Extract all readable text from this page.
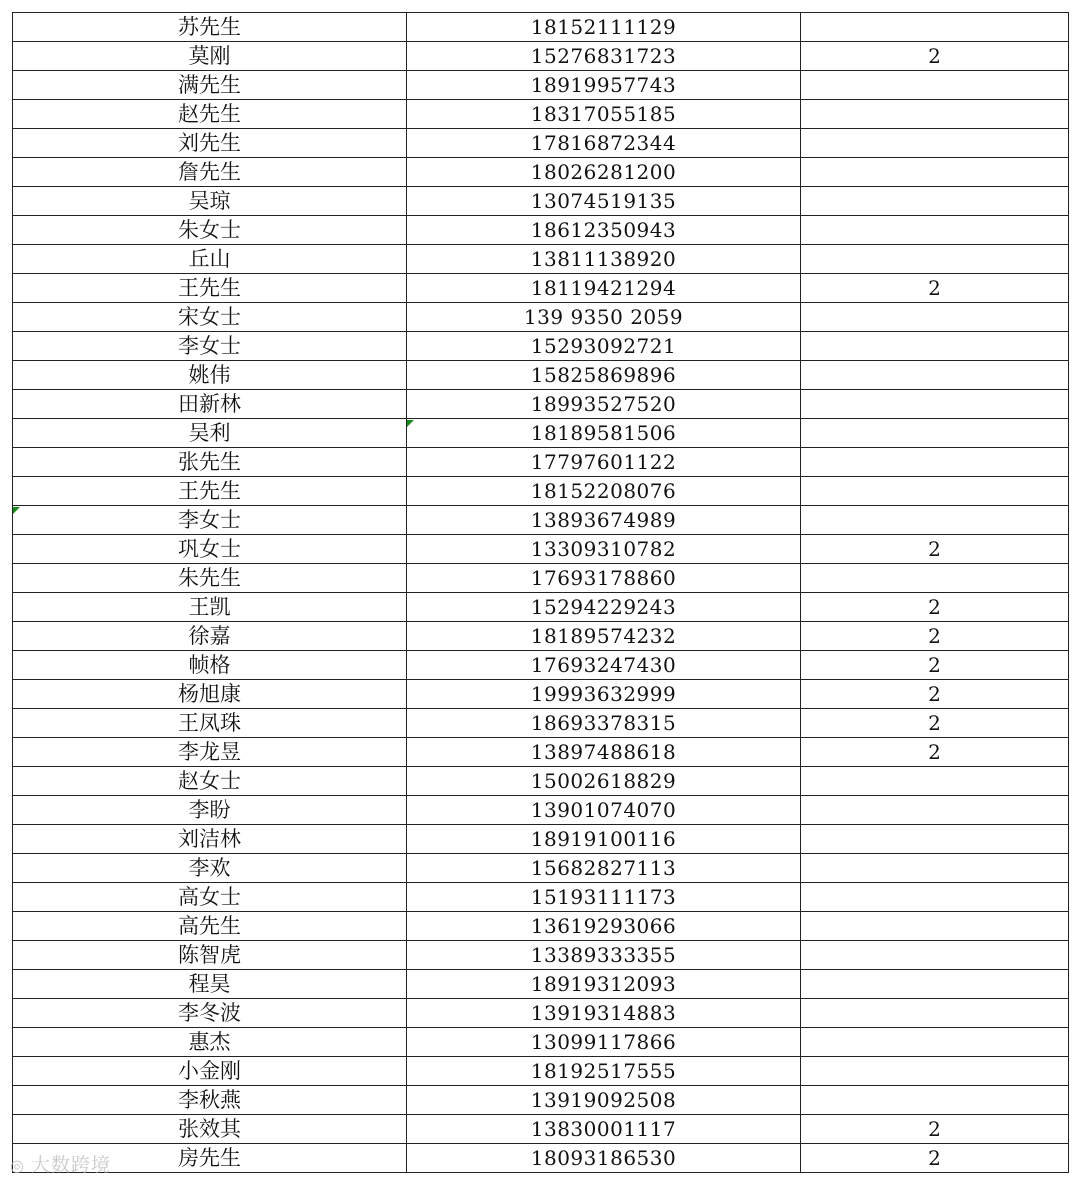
苏先生	18152111129	
莫刚	15276831723	2
满先生	18919957743	
赵先生	18317055185	
刘先生	17816872344	
詹先生	18026281200	
吴琼	13074519135	
朱女士	18612350943	
丘山	13811138920	
王先生	18119421294	2
宋女士	139 9350 2059	
李女士	15293092721	
姚伟	15825869896	
田新林	18993527520	
吴利	18189581506	
张先生	17797601122	
王先生	18152208076	
李女士	13893674989	
巩女士	13309310782	2
朱先生	17693178860	
王凯	15294229243	2
徐嘉	18189574232	2
帧格	17693247430	2
杨旭康	19993632999	2
王凤珠	18693378315	2
李龙昱	13897488618	2
赵女士	15002618829	
李盼	13901074070	
刘洁林	18919100116	
李欢	15682827113	
高女士	15193111173	
高先生	13619293066	
陈智虎	13389333355	
程昊	18919312093	
李冬波	13919314883	
惠杰	13099117866	
小金刚	18192517555	
李秋燕	13919092508	
张效其	13830001117	2
房先生	18093186530	2
◎ 大数跨境
